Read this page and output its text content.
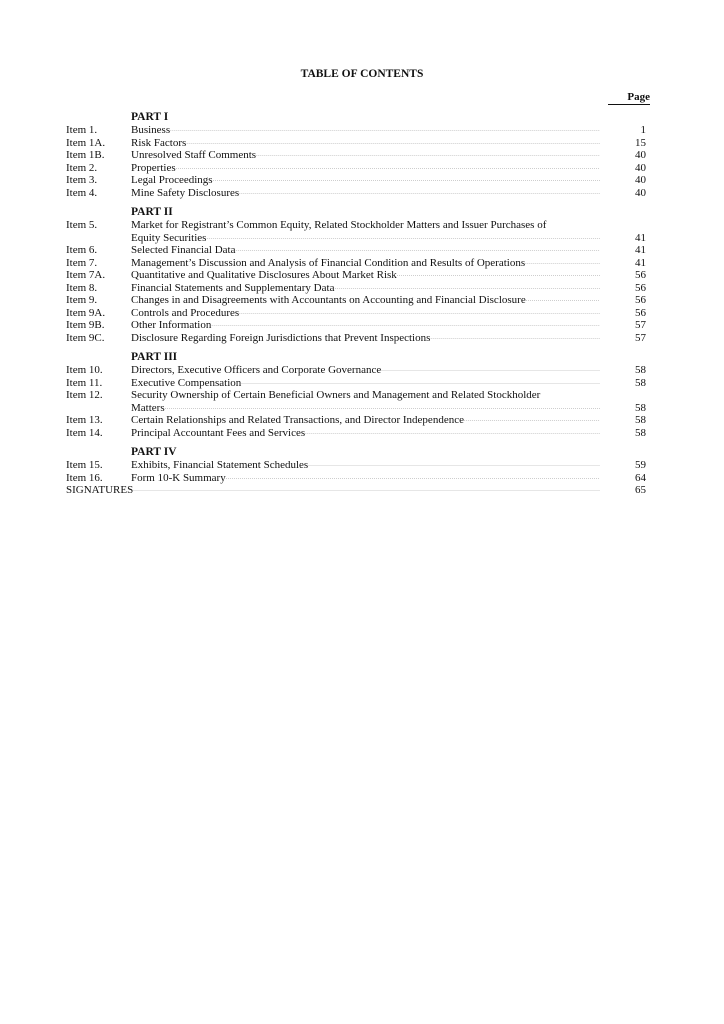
TABLE OF CONTENTS
Page
PART I
Item 1.	Business .....	1
Item 1A.	Risk Factors .....	15
Item 1B.	Unresolved Staff Comments .....	40
Item 2.	Properties .....	40
Item 3.	Legal Proceedings .....	40
Item 4.	Mine Safety Disclosures .....	40
PART II
Item 5.	Market for Registrant’s Common Equity, Related Stockholder Matters and Issuer Purchases of
Equity Securities .....	41
Item 6.	Selected Financial Data .....	41
Item 7.	Management’s Discussion and Analysis of Financial Condition and Results of Operations .....	41
Item 7A.	Quantitative and Qualitative Disclosures About Market Risk .....	56
Item 8.	Financial Statements and Supplementary Data .....	56
Item 9.	Changes in and Disagreements with Accountants on Accounting and Financial Disclosure .....	56
Item 9A.	Controls and Procedures .....	56
Item 9B.	Other Information .....	57
Item 9C.	Disclosure Regarding Foreign Jurisdictions that Prevent Inspections .....	57
PART III
Item 10.	Directors, Executive Officers and Corporate Governance .....	58
Item 11.	Executive Compensation .....	58
Item 12.	Security Ownership of Certain Beneficial Owners and Management and Related Stockholder
Matters .....	58
Item 13.	Certain Relationships and Related Transactions, and Director Independence .....	58
Item 14.	Principal Accountant Fees and Services .....	58
PART IV
Item 15.	Exhibits, Financial Statement Schedules .....	59
Item 16.	Form 10-K Summary .....	64
SIGNATURES .....	65
